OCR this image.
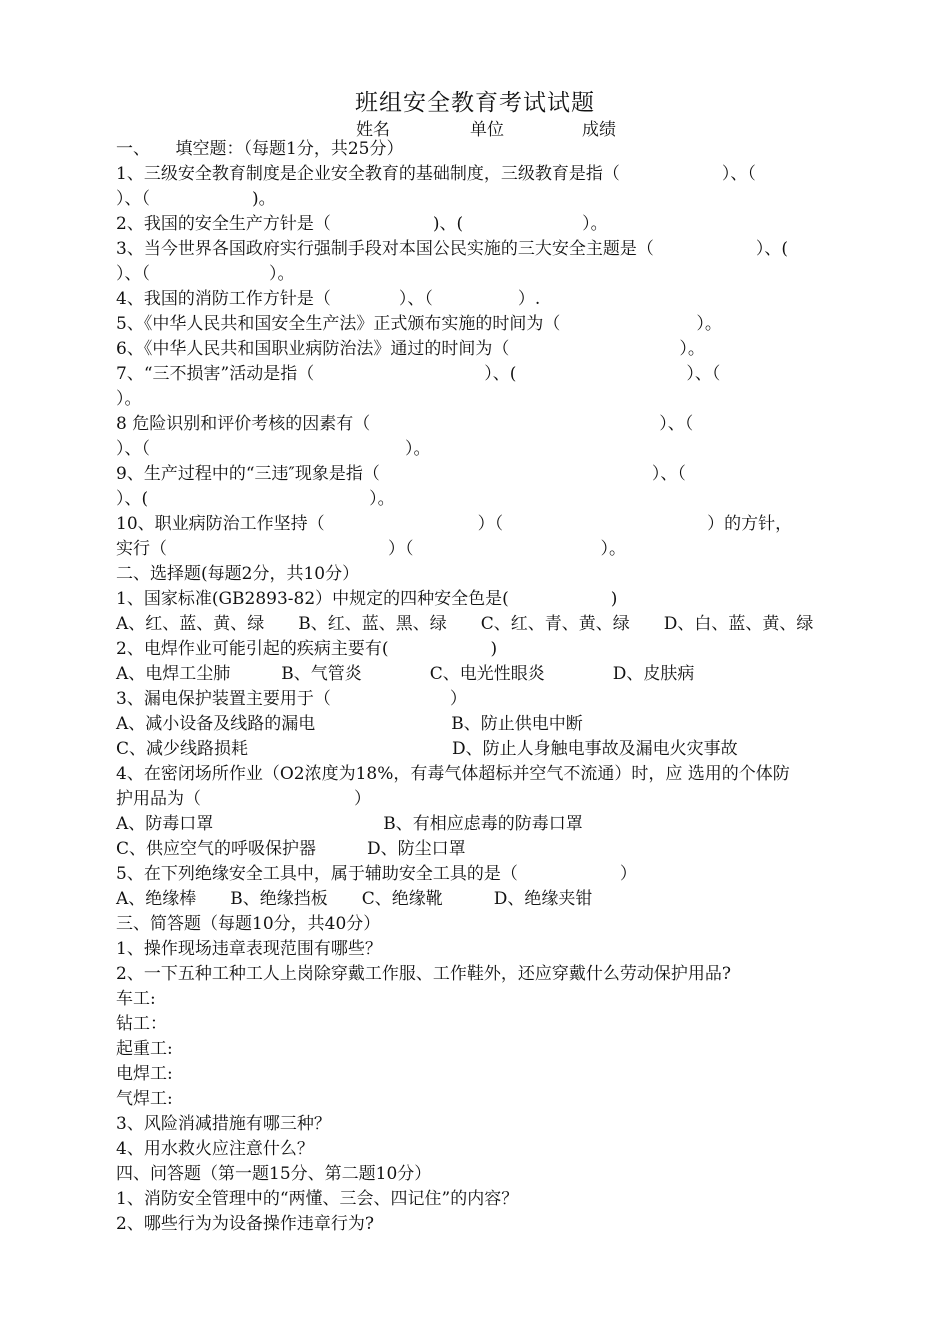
班组安全教育考试试题
姓名	单位	成绩
一、　　填空题：（每题1分，共25分）
1、三级安全教育制度是企业安全教育的基础制度，三级教育是指（　　　　　　）、（
）、（　　　　　　)。
2、我国的安全生产方针是（　　　　　　)、(　　　　　　　）。
3、当今世界各国政府实行强制手段对本国公民实施的三大安全主题是（　　　　　　）、(
）、（　　　　　　　）。
4、我国的消防工作方针是（　　　　）、（　　　　　）.
5、《中华人民共和国安全生产法》正式颁布实施的时间为（　　　　　　　　）。
6、《中华人民共和国职业病防治法》通过的时间为（　　　　　　　　　　）。
7、“三不损害”活动是指（　　　　　　　　　　）、(　　　　　　　　　　）、（
）。
8 危险识别和评价考核的因素有（　　　　　　　　　　　　　　　　　）、（
）、（　　　　　　　　　　　　　　　）。
9、生产过程中的“三违″现象是指（　　　　　　　　　　　　　　　　）、（
）、(　　　　　　　　　　　　　）。
10、职业病防治工作坚持（　　　　　　　　　）（　　　　　　　　　　　　）的方针，
实行（　　　　　　　　　　　　　）（　　　　　　　　　　　）。
二、选择题(每题2分，共10分）
1、国家标准(GB2893-82）中规定的四种安全色是(　　　　　　)
A、红、蓝、黄、绿　　B、红、蓝、黑、绿　　C、红、青、黄、绿　　D、白、蓝、黄、绿
2、电焊作业可能引起的疾病主要有(　　　　　　)
A、电焊工尘肺　　　B、气管炎　　　　C、电光性眼炎　　　　D、皮肤病
3、漏电保护装置主要用于（　　　　　　　）
A、减小设备及线路的漏电　　　　　　　　B、防止供电中断
C、减少线路损耗　　　　　　　　　　　　D、防止人身触电事故及漏电火灾事故
4、在密闭场所作业（O2浓度为18%，有毒气体超标并空气不流通）时，应 选用的个体防
护用品为（　　　　　　　　　）
A、防毒口罩　　　　　　　　　　B、有相应虑毒的防毒口罩
C、供应空气的呼吸保护器　　　D、防尘口罩
5、在下列绝缘安全工具中，属于辅助安全工具的是（　　　　　　）
A、绝缘棒　　B、绝缘挡板　　C、绝缘靴　　　D、绝缘夹钳
三、简答题（每题10分，共40分）
1、操作现场违章表现范围有哪些？
2、一下五种工种工人上岗除穿戴工作服、工作鞋外，还应穿戴什么劳动保护用品?
车工:
钻工：
起重工:
电焊工:
气焊工:
3、风险消减措施有哪三种？
4、用水救火应注意什么？
四、问答题（第一题15分、第二题10分）
1、消防安全管理中的“两懂、三会、四记住”的内容？
2、哪些行为为设备操作违章行为?
